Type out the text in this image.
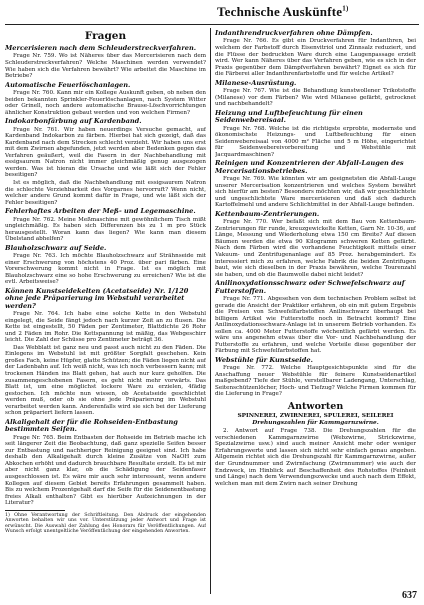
Technische Auskünfte$^{1)}$
Fragen
Mercerisieren nach dem Schleuderstreckverfahren.
Frage Nr. 759. Wo ist Näheres über das Mercerisieren nach dem Schleuderstreckverfahren? Welche Maschinen werden verwendet? Wie haben sich die Verfahren bewährt? Wie arbeitet die Maschine im Betriebe?
Automatische Feuerlöschanlagen.
Frage Nr. 760. Kann mir ein Kollege Auskunft geben, ob neben den beiden bekannten Sprinkler-Feuerlöschanlagen, nach System Witter oder Grinell, noch andere automatische Brause-Löschvorrichtungen ähnlicher Konstruktion gebaut werden und von welchen Firmen?
Indokarbonfärbung auf Kardenband.
Frage Nr. 761. Wir haben neuerdings Versuche gemacht, auf Kardenband Indokarbon zu färben. Hierbei hat sich gezeigt, daß das Kardenband nach dem Strecken schlecht verzieht. Wir haben uns erst mit dem Zwirnen abgefunden, jetzt werden aber Bedenken gegen das Verfahren geäußert, weil die Fasern in der Nachbehandlung mit essigsaurem Natron nicht immer gleichmäßig genug ausgezogen werden. Was ist hieran die Ursache und wie läßt sich der Fehler beseitigen?
Ist es möglich, daß die Nachbehandlung mit essigsaurem Natron die schlechte Verziehbarkeit des Vorgarnes hervorruft? Wenn nicht, welcher andere Grund kommt dafür in Frage, und wie läßt sich der Fehler beseitigen?
Fehlerhaftes Arbeiten der Meß- und Legemaschine.
Frage Nr. 762. Meine Meßmaschine mit gewöhnlichem Tisch mißt ungleichmäßig. Es haben sich Differenzen bis zu 1 m pro Stück herausgestellt. Woran kann das liegen? Wie kann man diesem Übelstand abhelfen?
Blauholzschwarz auf Seide.
Frage Nr. 763. Ich möchte Blauholzschwarz auf Strähnseide mit einer Erschwerung von höchstens 40 Proz. über pari färben. Eine Vorerschwerung kommt nicht in Frage. Ist es möglich mit Blauholzschwarz eine so hohe Erschwerung zu erreichen? Wie ist die evtl. Arbeitsweise?
Können Kunstseidekelten (Acetatseide) Nr. 1/120 ohne jede Präparierung im Webstuhl verarbeitet werden?
Frage Nr. 764. Ich habe eine solche Kette in den Webstuhl eingelegt, die Seide fängt jedoch nach kurzer Zeit an zu flusen. Die Kette ist eingestellt, 50 Fäden per Zentimeter, Blattdichte 26 Rohr und 2 Fäden im Rohr. Die Kettspannung ist mäßig, das Webgeschirr leicht. Die Zahl der Schüsse pro Zentimeter beträgt 36.
Das Webblatt ist ganz neu und passt auch nicht zu den Fäden. Die Einlegens im Webstuhl ist mit größter Sorgfalt geschehen. Kein großes Fach, keine Hüpfer, glatte Schützen; die Fäden liegen nicht auf der Ladenbahn auf. Ich weiß nicht, was ich noch verbessern kann; mit trockenen Händen ins Blatt gehen, hat auch nur kurz geholfen. Die zusammengeschobenen Fasern, es geht nicht mehr vorwärts. Das Blatt ist, um eine möglichst lockere Ware zu erzielen, 4fädig gestochen. Ich möchte nun wissen, ob Acetatseide geschlichtet werden muß, oder ob sie ohne jede Präparierung im Webstuhl verarbeitet werden kann. Anderenfalls wird sie sich bei der Lieferung schon präpariert liefern lassen.
Alkaligehalt der für die Rohseiden-Entbastung bestimmten Seifen.
Frage Nr. 765. Beim Entbasten der Rohseide im Betrieb mache ich seit längerer Zeit die Beobachtung, daß ganz spezielle Seifen besser zur Entbastung und nachheriger Reinigung geeignet sind. Ich habe deshalb den Alkaligehalt durch kleine Zusätze von NaOH zum Abkochen erhöht und dadurch brauchbare Resultate erzielt. Es ist mir aber nicht ganz klar, ob die Schädigung der Seidenfaser ausgeschlossen ist. Es wäre mir auch sehr interessant, wenn andere Kollegen auf diesem Gebiet bereits Erfahrungen gesammelt haben. Bis zu welchem Prozentgehalt darf die Seife für die Seidenentbastung freies Alkali enthalten? Gibt es hierüber Aufzeichnungen in der Literatur?
1) Ohne Verantwortung der Schriftleitung. Den Abdruck der eingehenden Anworten behalten wir uns vor. Unterstützung jeder Antwort und Frage ist erwünscht. Die Auswahl der Zahlung des Honorars für Veröffentlichungen. Auf Wunsch erfolgt unentgeltliche Veröffentlichung der eingehenden Anworten.
Indanthrendruckverfahren ohne Dämpfen.
Frage Nr. 766. Es gibt ein Druckverfahren für Indanthren, bei welchem der Farbstoff durch Eisenvitriol und Zinnsalz reduziert, und die Flüsse der bedruckten Ware durch eine Laugenpassage erzielt wird. Wer kann Näheres über das Verfahren geben, wie es sich in der Praxis gegenüber dem Dämpfverfahren bewährt? Eignet es sich für die Färberei aller Indanthrenfarbstoffe und für welche Artikel?
Milanese-Ausrüstung.
Frage Nr. 767. Wie ist die Behandlung kunstwollener Trikotstoffe (Milanese) vor dem Färben? Wie wird Milanese gefärbt, getrocknet und nachbehandelt?
Heizung und Luftbefeuchtung für einen Seidenwebereisaal.
Frage Nr. 768. Welche ist die richtigste erprobte, modernste und ökonomischste Heizungs- und Luftbefeuchtung für einen Seidenwebereisaal von 4000 m² Fläche und 5 m Höhe, eingerichtet für Seidenwebereivorbereitung und Webstühle mit Jacquardmaschinen?
Reinigen und Konzentrieren der Abfall-Laugen des Mercerisationsbetriebes.
Frage Nr. 769. Wie könnten wir am geeignetsten die Abfall-Lauge unserer Mercerisation konzentrieren und welches System bewährt sich hierfür am besten? Besonders möchten wir, daß wir geschlichtete und ungeschlichtete Ware mercerisieren und daß sich dadurch Kartoffelmehl und andere Schlichtmittel in der Abfall-Lauge befinden.
Kettenbaum-Zentrierungen.
Frage Nr. 770. Wer befaßt sich mit dem Bau von Kettenbaum-Zentrierungen für runde, kreuzgewickelte Ketten, Garn Nr. 10-36, auf Länge, Messung und Wiederholung etwa 150 cm Breite? Auf diesen Bäumen werden die etwa 90 Kilogramm schweren Ketten gefärbt. Nach dem Färben wird die vorhandene Feuchtigkeit mittels einer Vakuum- und Zentrifugenanlage auf 85 Proz. herabgemindert. Es interessiert mich zu erfahren, welche Fabrik die beiden Zentrifugen baut, wie sich dieselben in der Praxis bewähren, welche Tourenzahl sie haben, und ob die Baumwolle dabei nicht leidet?
Anilinoxydationsschwarz oder Schwefelschwarz auf Futterstoffen.
Frage Nr. 771. Abgesehen von dem technischen Problem selbst ist gerade die Ansicht der Praktiker erfahren, ob ein mit gutem Ergebnis die Preisen von Schwefelfarbstoffen Anilinschwarz überhaupt bei billigem Artikel wie Futterstoffe noch in Betracht kommt? Eine Anilinoxydationsschwarz-Anlage ist in unserem Betrieb vorhanden. Es sollen ca. 4000 Meter Futterstoffe wöchentlich gefärbt werden. Es wäre uns angenehm etwas über die Vor- und Nachbehandlung der Futterstoffe zu erfahren, und welche Vorteile diese gegenüber der Färbung mit Schwefelfarbstoffen hat.
Webstühle für Kunstseide.
Frage Nr. 772. Welche Hauptgesichtspunkte sind für die Anschaffung neuer Webstühle für feinere Kunstseidenartikel maßgebend? Tiefe der Stühle, verstellbarer Ladengang, Unterschlag, Seitenschützenlöcher, Hoch- und Tiefzug? Welche Firmen kommen für die Lieferung in Frage?
Antworten
SPINNEREI, ZWIRNEREI, SPULEREI, SEILEREI
Drehungszahlen für Kammgarnzwirne.
2. Antwort auf Frage 738. Die Drehungszahlen für die verschiedenen Kammgarnzwirne (Webzwirne, Strickzwirne, Spezialzwirne usw.) sind auch meiner Ansicht mehr oder weniger Erfahrungswerte und lassen sich nicht sehr einfach genau angeben. Allgemein richtet sich die Drehungszahl für Kammgarnzwirne, außer der Grundnummer und Zwirnfachung (Zwirnnummer) wie auch der Endzweck, im Hinblick auf Beschaffenheit des Rohstoffes (Feinheit und Länge) nach dem Verwendungszwecke und auch nach dem Effekt, welchen man mit dem Zwirn nach seiner Drehung
637
